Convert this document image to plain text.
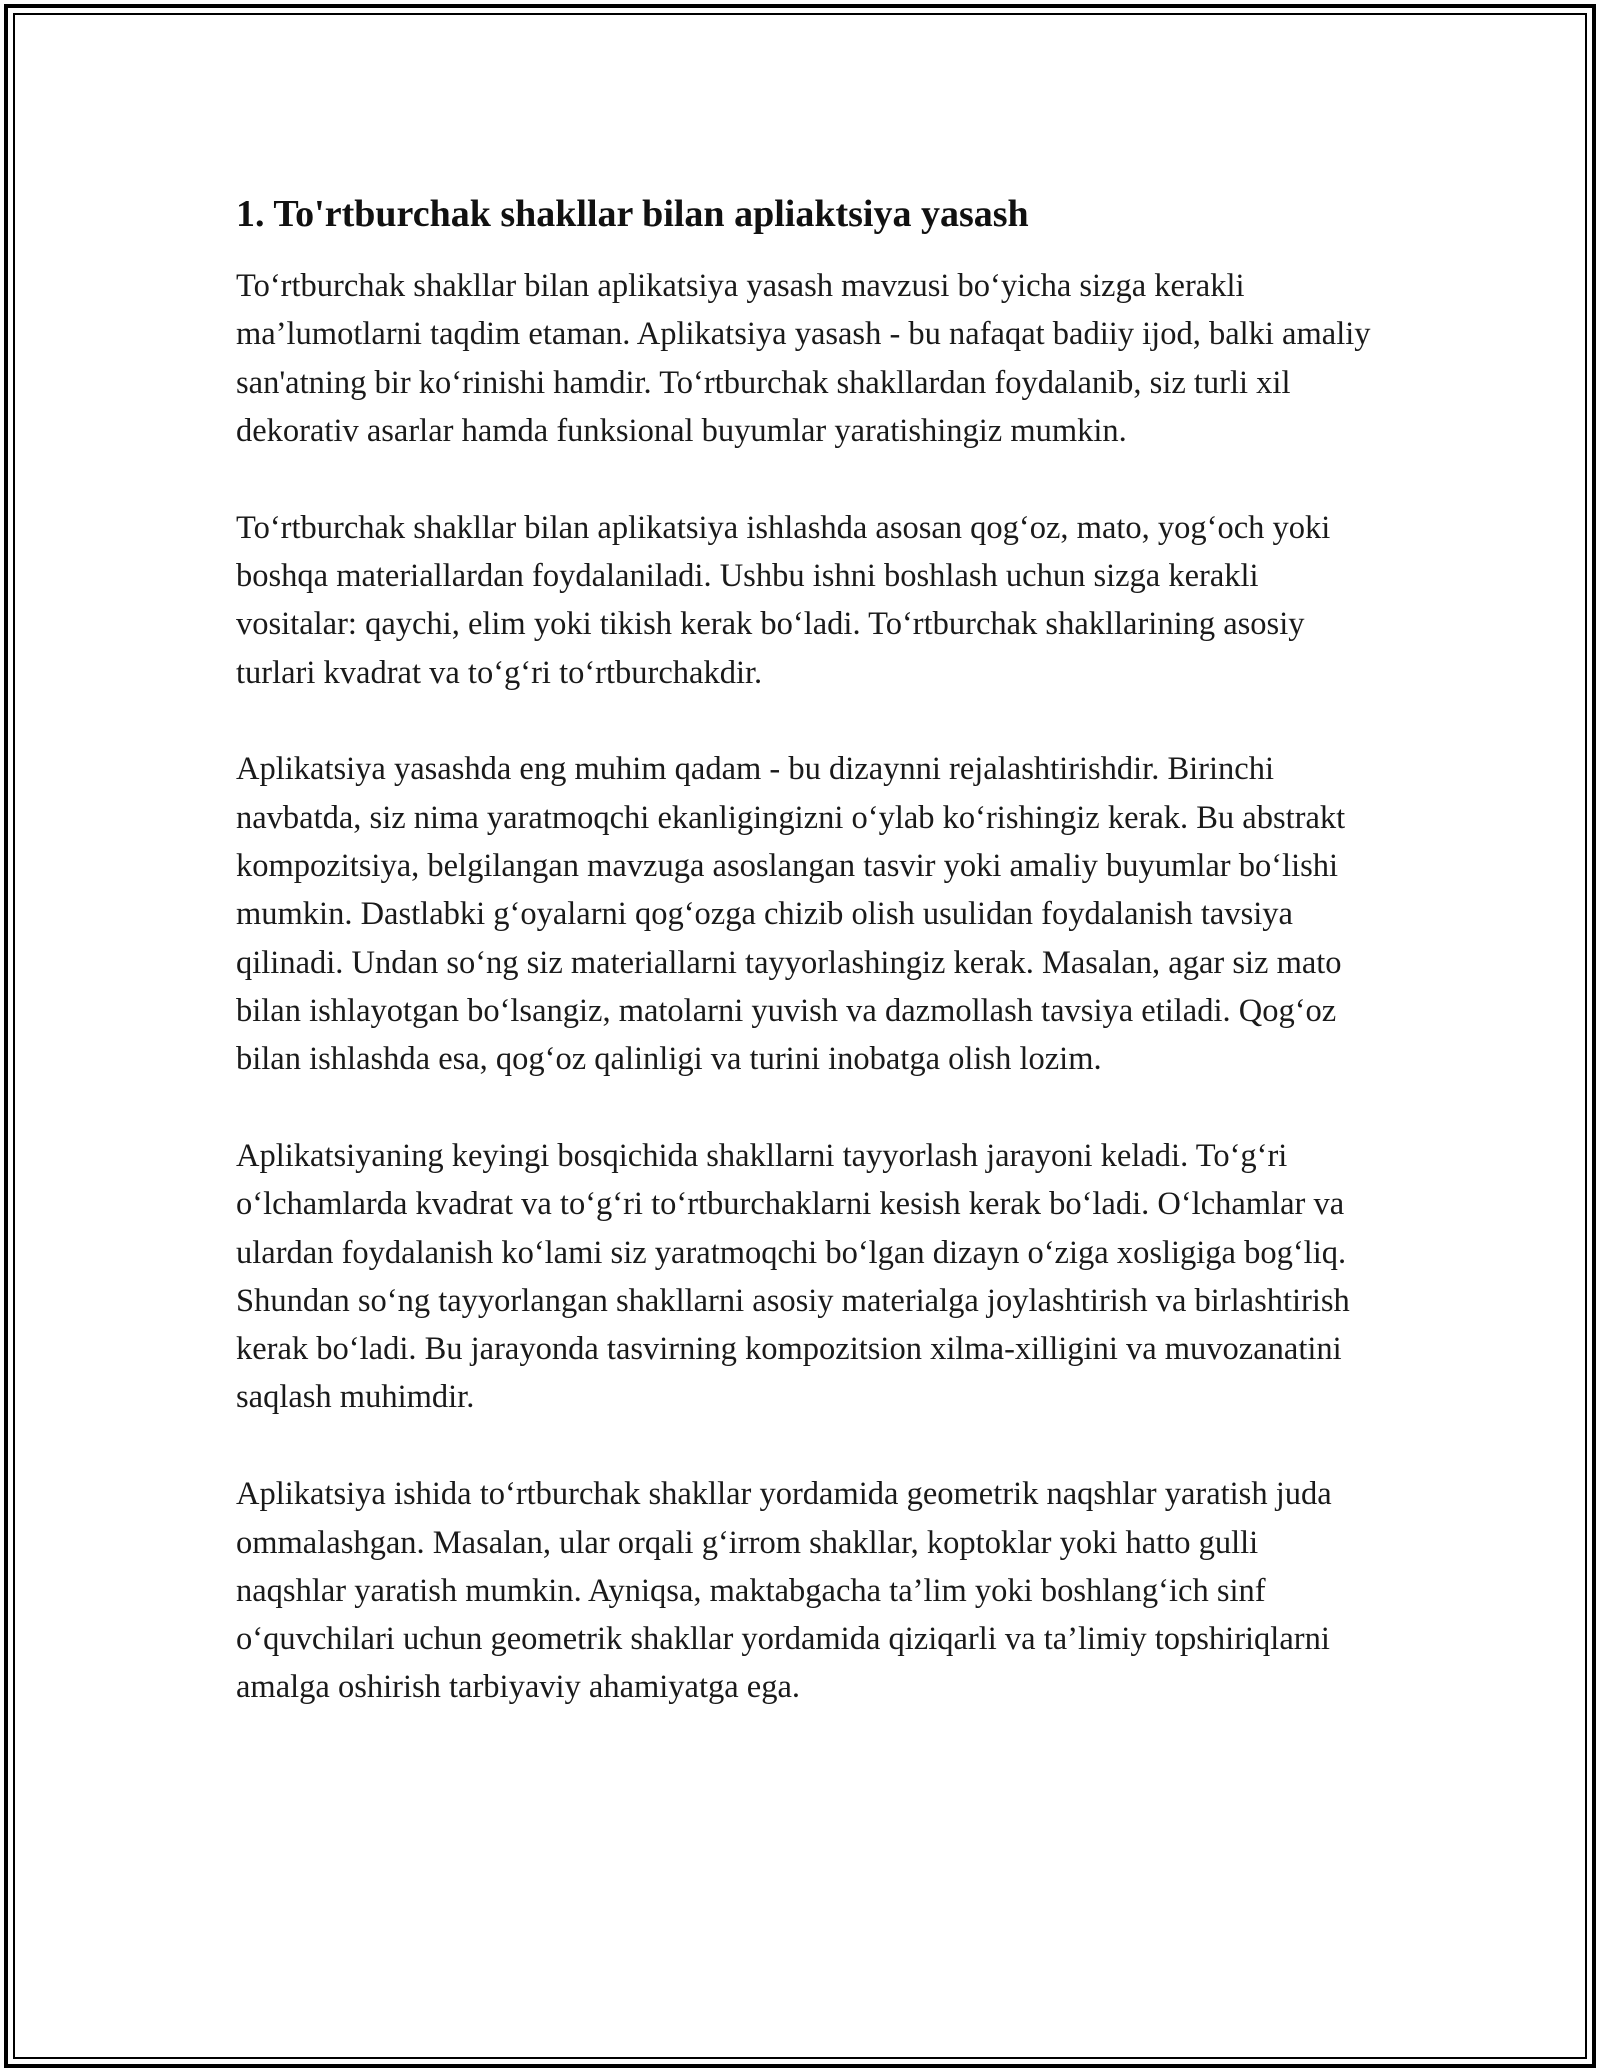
1. To'rtburchak shakllar bilan apliaktsiya yasash

To‘rtburchak shakllar bilan aplikatsiya yasash mavzusi bo‘yicha sizga kerakli ma’lumotlarni taqdim etaman. Aplikatsiya yasash - bu nafaqat badiiy ijod, balki amaliy san'atning bir ko‘rinishi hamdir. To‘rtburchak shakllardan foydalanib, siz turli xil dekorativ asarlar hamda funksional buyumlar yaratishingiz mumkin.

To‘rtburchak shakllar bilan aplikatsiya ishlashda asosan qog‘oz, mato, yog‘och yoki boshqa materiallardan foydalaniladi. Ushbu ishni boshlash uchun sizga kerakli vositalar: qaychi, elim yoki tikish kerak bo‘ladi. To‘rtburchak shakllarining asosiy turlari kvadrat va to‘g‘ri to‘rtburchakdir.

Aplikatsiya yasashda eng muhim qadam - bu dizaynni rejalashtirishdir. Birinchi navbatda, siz nima yaratmoqchi ekanligingizni o‘ylab ko‘rishingiz kerak. Bu abstrakt kompozitsiya, belgilangan mavzuga asoslangan tasvir yoki amaliy buyumlar bo‘lishi mumkin. Dastlabki g‘oyalarni qog‘ozga chizib olish usulidan foydalanish tavsiya qilinadi. Undan so‘ng siz materiallarni tayyorlashingiz kerak. Masalan, agar siz mato bilan ishlayotgan bo‘lsangiz, matolarni yuvish va dazmollash tavsiya etiladi. Qog‘oz bilan ishlashda esa, qog‘oz qalinligi va turini inobatga olish lozim.

Aplikatsiyaning keyingi bosqichida shakllarni tayyorlash jarayoni keladi. To‘g‘ri o‘lchamlarda kvadrat va to‘g‘ri to‘rtburchaklarni kesish kerak bo‘ladi. O‘lchamlar va ulardan foydalanish ko‘lami siz yaratmoqchi bo‘lgan dizayn o‘ziga xosligiga bog‘liq. Shundan so‘ng tayyorlangan shakllarni asosiy materialga joylashtirish va birlashtirish kerak bo‘ladi. Bu jarayonda tasvirning kompozitsion xilma-xilligini va muvozanatini saqlash muhimdir.

Aplikatsiya ishida to‘rtburchak shakllar yordamida geometrik naqshlar yaratish juda ommalashgan. Masalan, ular orqali g‘irrom shakllar, koptoklar yoki hatto gulli naqshlar yaratish mumkin. Ayniqsa, maktabgacha ta’lim yoki boshlang‘ich sinf o‘quvchilari uchun geometrik shakllar yordamida qiziqarli va ta’limiy topshiriqlarni amalga oshirish tarbiyaviy ahamiyatga ega.
